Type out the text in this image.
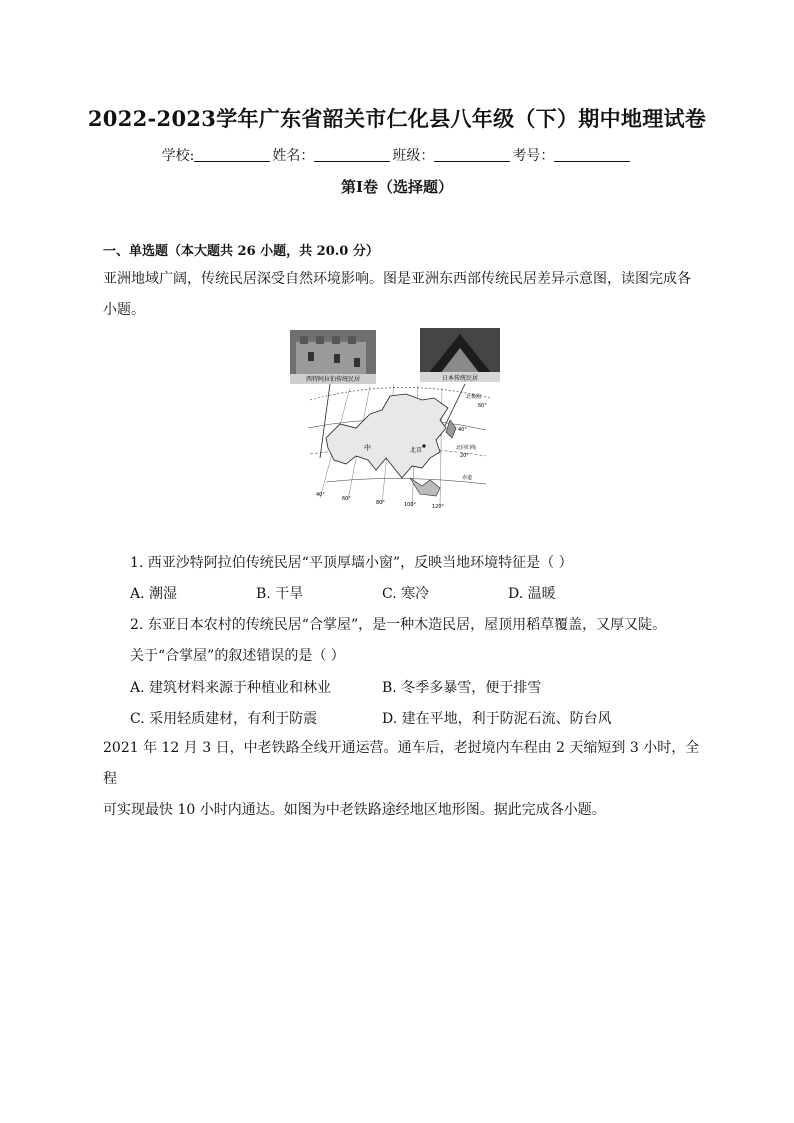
2022-2023学年广东省韶关市仁化县八年级（下）期中地理试卷
学校:	姓名：	班级：	考号：
第I卷（选择题）
一、单选题（本大题共 26 小题，共 20.0 分）
亚洲地域广阔，传统民居深受自然环境影响。图是亚洲东西部传统民居差异示意图，读图完成各
小题。
西特阿拉伯传统民居	日本传统民居
北极圈
60°
40°
中	北京	北回归线
20°
赤道
40°
60°
80°	100°	120°
1. 西亚沙特阿拉伯传统民居“平顶厚墙小窗”，反映当地环境特征是（ ）
A. 潮湿	B. 干旱	C. 寒冷	D. 温暖
2. 东亚日本农村的传统民居“合掌屋”，是一种木造民居，屋顶用稻草覆盖，又厚又陡。
关于“合掌屋”的叙述错误的是（ ）
A. 建筑材料来源于种植业和林业	B. 冬季多暴雪，便于排雪
C. 采用轻质建材，有利于防震	D. 建在平地，利于防泥石流、防台风
2021 年 12 月 3 日，中老铁路全线开通运营。通车后，老挝境内车程由 2 天缩短到 3 小时，全程
可实现最快 10 小时内通达。如图为中老铁路途经地区地形图。据此完成各小题。
